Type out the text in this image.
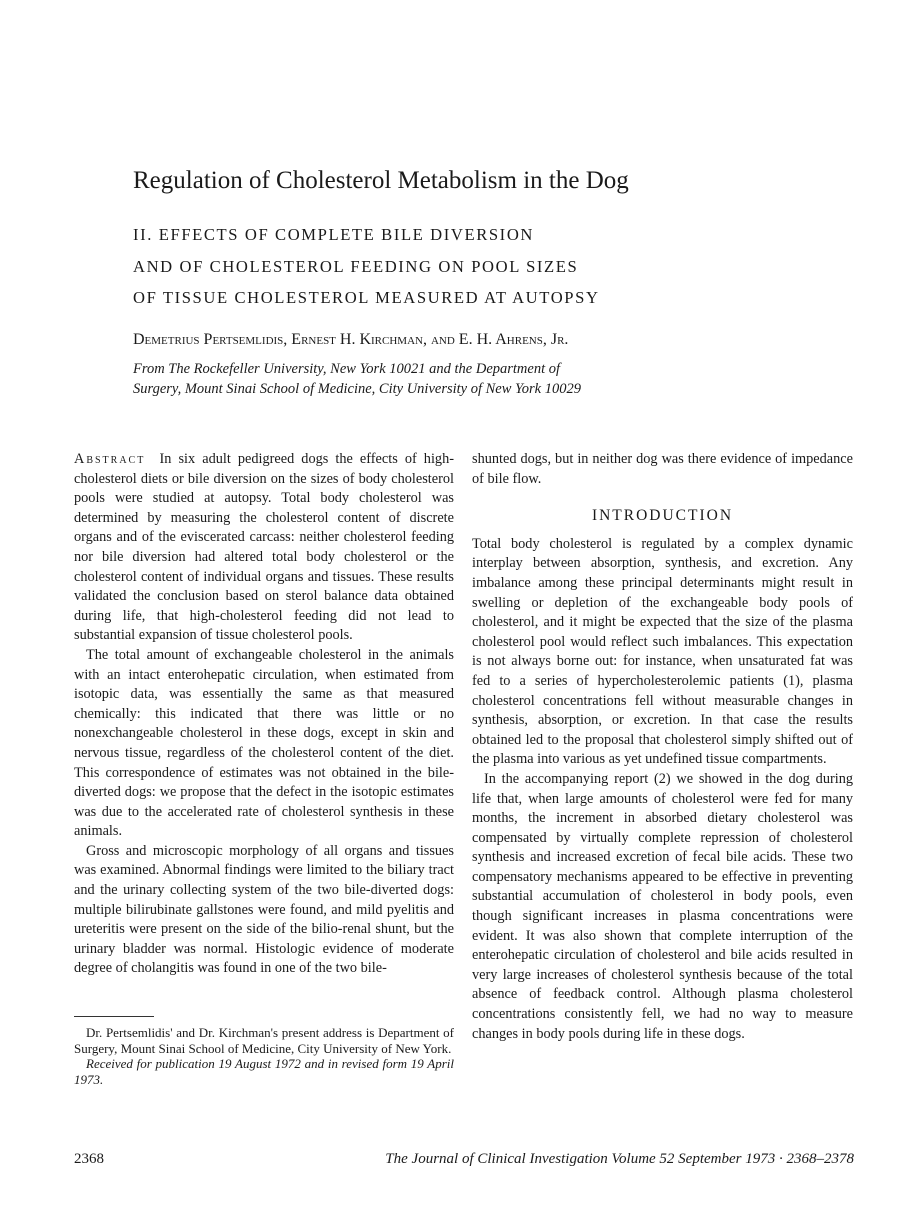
Regulation of Cholesterol Metabolism in the Dog
II. EFFECTS OF COMPLETE BILE DIVERSION
AND OF CHOLESTEROL FEEDING ON POOL SIZES
OF TISSUE CHOLESTEROL MEASURED AT AUTOPSY
Demetrius Pertsemlidis, Ernest H. Kirchman, and E. H. Ahrens, Jr.
From The Rockefeller University, New York 10021 and the Department of
Surgery, Mount Sinai School of Medicine, City University of New York 10029

Abstract In six adult pedigreed dogs the effects of high-cholesterol diets or bile diversion on the sizes of body cholesterol pools were studied at autopsy. Total body cholesterol was determined by measuring the cholesterol content of discrete organs and of the eviscerated carcass: neither cholesterol feeding nor bile diversion had altered total body cholesterol or the cholesterol content of individual organs and tissues. These results validated the conclusion based on sterol balance data obtained during life, that high-cholesterol feeding did not lead to substantial expansion of tissue cholesterol pools.

The total amount of exchangeable cholesterol in the animals with an intact enterohepatic circulation, when estimated from isotopic data, was essentially the same as that measured chemically: this indicated that there was little or no nonexchangeable cholesterol in these dogs, except in skin and nervous tissue, regardless of the cholesterol content of the diet. This correspondence of estimates was not obtained in the bile-diverted dogs: we propose that the defect in the isotopic estimates was due to the accelerated rate of cholesterol synthesis in these animals.

Gross and microscopic morphology of all organs and tissues was examined. Abnormal findings were limited to the biliary tract and the urinary collecting system of the two bile-diverted dogs: multiple bilirubinate gallstones were found, and mild pyelitis and ureteritis were present on the side of the bilio-renal shunt, but the urinary bladder was normal. Histologic evidence of moderate degree of cholangitis was found in one of the two bile-

shunted dogs, but in neither dog was there evidence of impedance of bile flow.

INTRODUCTION

Total body cholesterol is regulated by a complex dynamic interplay between absorption, synthesis, and excretion. Any imbalance among these principal determinants might result in swelling or depletion of the exchangeable body pools of cholesterol, and it might be expected that the size of the plasma cholesterol pool would reflect such imbalances. This expectation is not always borne out: for instance, when unsaturated fat was fed to a series of hypercholesterolemic patients (1), plasma cholesterol concentrations fell without measurable changes in synthesis, absorption, or excretion. In that case the results obtained led to the proposal that cholesterol simply shifted out of the plasma into various as yet undefined tissue compartments.

In the accompanying report (2) we showed in the dog during life that, when large amounts of cholesterol were fed for many months, the increment in absorbed dietary cholesterol was compensated by virtually complete repression of cholesterol synthesis and increased excretion of fecal bile acids. These two compensatory mechanisms appeared to be effective in preventing substantial accumulation of cholesterol in body pools, even though significant increases in plasma concentrations were evident. It was also shown that complete interruption of the enterohepatic circulation of cholesterol and bile acids resulted in very large increases of cholesterol synthesis because of the total absence of feedback control. Although plasma cholesterol concentrations consistently fell, we had no way to measure changes in body pools during life in these dogs.

Dr. Pertsemlidis' and Dr. Kirchman's present address is Department of Surgery, Mount Sinai School of Medicine, City University of New York.

Received for publication 19 August 1972 and in revised form 19 April 1973.

2368	The Journal of Clinical Investigation Volume 52 September 1973 · 2368–2378
